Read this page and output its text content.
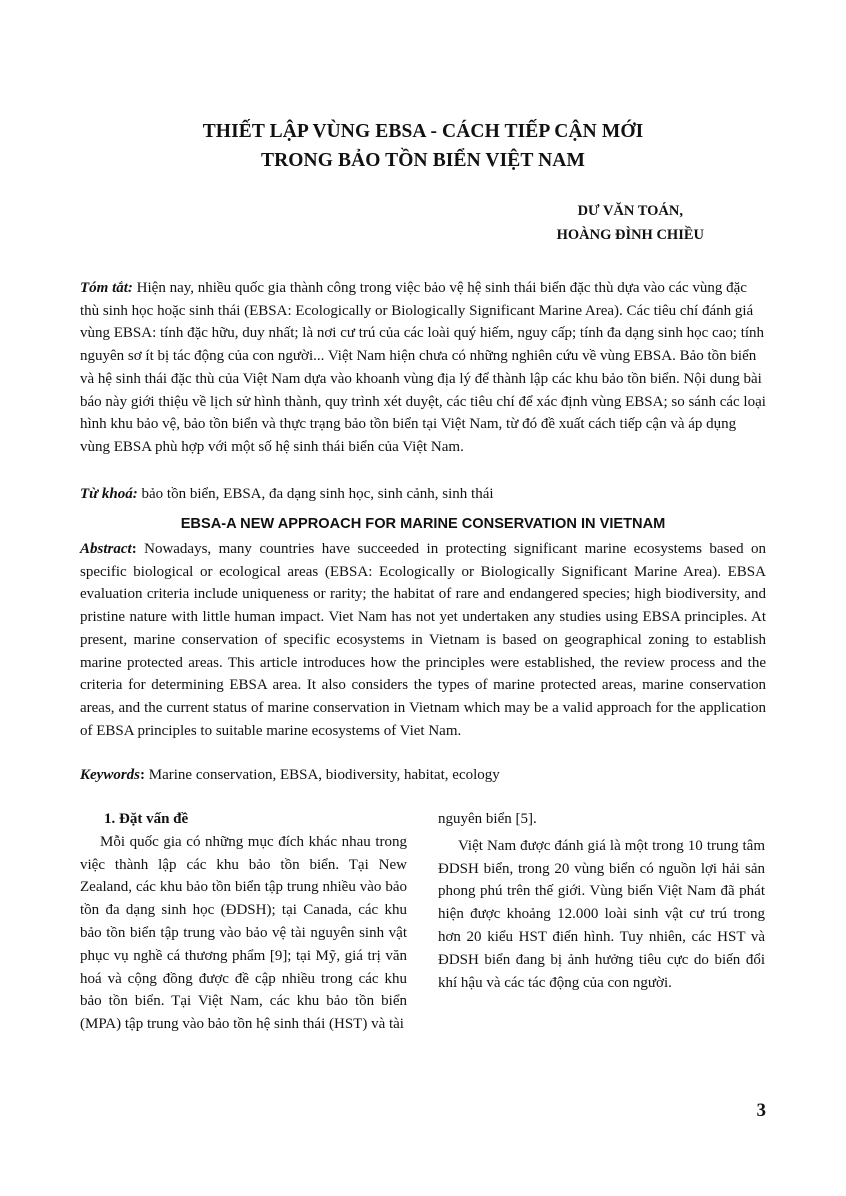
THIẾT LẬP VÙNG EBSA - CÁCH TIẾP CẬN MỚI
TRONG BẢO TỒN BIỂN VIỆT NAM
DƯ VĂN TOÁN,
HOÀNG ĐÌNH CHIỀU
Tóm tắt: Hiện nay, nhiều quốc gia thành công trong việc bảo vệ hệ sinh thái biển đặc thù dựa vào các vùng đặc thù sinh học hoặc sinh thái (EBSA: Ecologically or Biologically Significant Marine Area). Các tiêu chí đánh giá vùng EBSA: tính đặc hữu, duy nhất; là nơi cư trú của các loài quý hiếm, nguy cấp; tính đa dạng sinh học cao; tính nguyên sơ ít bị tác động của con người... Việt Nam hiện chưa có những nghiên cứu về vùng EBSA. Bảo tồn biển và hệ sinh thái đặc thù của Việt Nam dựa vào khoanh vùng địa lý để thành lập các khu bảo tồn biển. Nội dung bài báo này giới thiệu về lịch sử hình thành, quy trình xét duyệt, các tiêu chí để xác định vùng EBSA; so sánh các loại hình khu bảo vệ, bảo tồn biển và thực trạng bảo tồn biển tại Việt Nam, từ đó đề xuất cách tiếp cận và áp dụng vùng EBSA phù hợp với một số hệ sinh thái biển của Việt Nam.
Từ khoá: bảo tồn biển, EBSA, đa dạng sinh học, sinh cảnh, sinh thái
EBSA-A NEW APPROACH FOR MARINE CONSERVATION IN VIETNAM
Abstract: Nowadays, many countries have succeeded in protecting significant marine ecosystems based on specific biological or ecological areas (EBSA: Ecologically or Biologically Significant Marine Area). EBSA evaluation criteria include uniqueness or rarity; the habitat of rare and endangered species; high biodiversity, and pristine nature with little human impact. Viet Nam has not yet undertaken any studies using EBSA principles. At present, marine conservation of specific ecosystems in Vietnam is based on geographical zoning to establish marine protected areas. This article introduces how the principles were established, the review process and the criteria for determining EBSA area. It also considers the types of marine protected areas, marine conservation areas, and the current status of marine conservation in Vietnam which may be a valid approach for the application of EBSA principles to suitable marine ecosystems of Viet Nam.
Keywords: Marine conservation, EBSA, biodiversity, habitat, ecology
1. Đặt vấn đề

Mỗi quốc gia có những mục đích khác nhau trong việc thành lập các khu bảo tồn biển. Tại New Zealand, các khu bảo tồn biển tập trung nhiều vào bảo tồn đa dạng sinh học (ĐDSH); tại Canada, các khu bảo tồn biển tập trung vào bảo vệ tài nguyên sinh vật phục vụ nghề cá thương phẩm [9]; tại Mỹ, giá trị văn hoá và cộng đồng được đề cập nhiều trong các khu bảo tồn biển. Tại Việt Nam, các khu bảo tồn biển (MPA) tập trung vào bảo tồn hệ sinh thái (HST) và tài

nguyên biển [5].

Việt Nam được đánh giá là một trong 10 trung tâm ĐDSH biển, trong 20 vùng biển có nguồn lợi hải sản phong phú trên thế giới. Vùng biển Việt Nam đã phát hiện được khoảng 12.000 loài sinh vật cư trú trong hơn 20 kiểu HST điển hình. Tuy nhiên, các HST và ĐDSH biển đang bị ảnh hưởng tiêu cực do biến đổi khí hậu và các tác động của con người.

3
